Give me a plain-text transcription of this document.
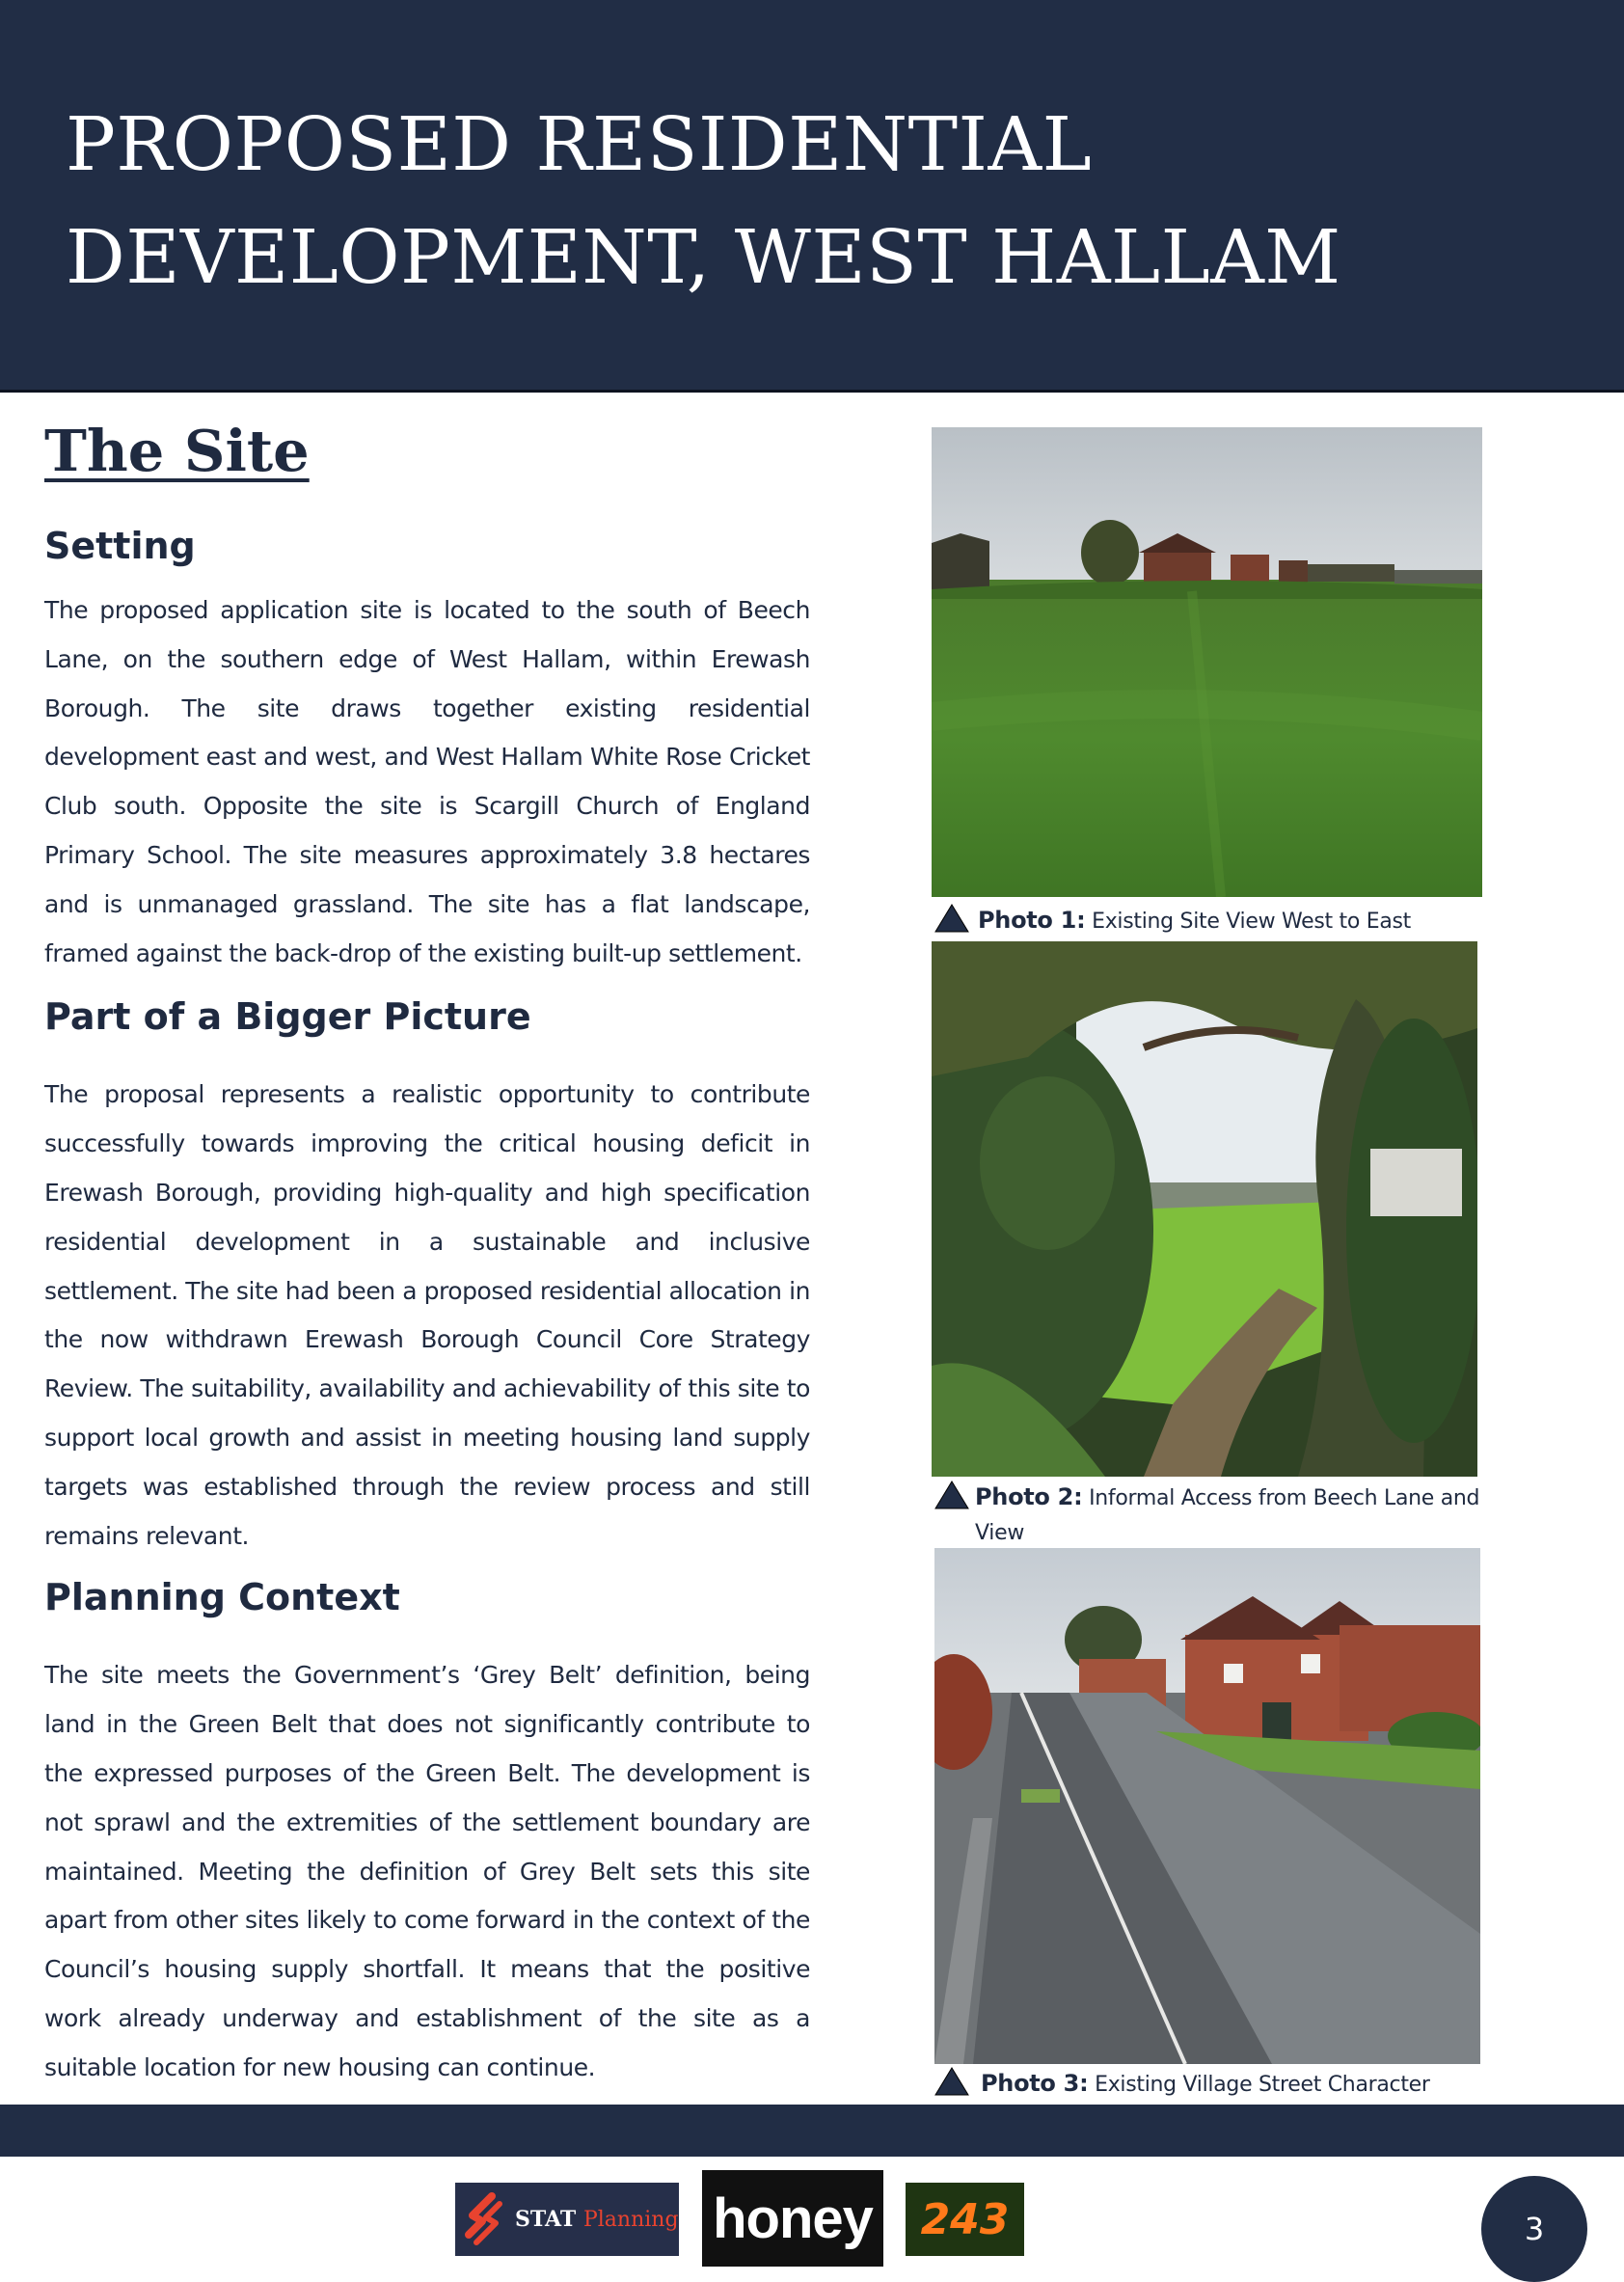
PROPOSED RESIDENTIAL
DEVELOPMENT, WEST HALLAM
The Site
Setting

The proposed application site is located to the south of Beech Lane, on the southern edge of West Hallam, within Erewash Borough. The site draws together existing residential development east and west, and West Hallam White Rose Cricket Club south. Opposite the site is Scargill Church of England Primary School. The site measures approximately 3.8 hectares and is unmanaged grassland. The site has a flat landscape, framed against the back-drop of the existing built-up settlement.

Part of a Bigger Picture

The proposal represents a realistic opportunity to contribute successfully towards improving the critical housing deficit in Erewash Borough, providing high-quality and high specification residential development in a sustainable and inclusive settlement. The site had been a proposed residential allocation in the now withdrawn Erewash Borough Council Core Strategy Review. The suitability, availability and achievability of this site to support local growth and assist in meeting housing land supply targets was established through the review process and still remains relevant.

Planning Context

The site meets the Government’s ‘Grey Belt’ definition, being land in the Green Belt that does not significantly contribute to the expressed purposes of the Green Belt. The development is not sprawl and the extremities of the settlement boundary are maintained. Meeting the definition of Grey Belt sets this site apart from other sites likely to come forward in the context of the Council’s housing supply shortfall. It means that the positive work already underway and establishment of the site as a suitable location for new housing can continue.

Photo 1: Existing Site View West to East
Photo 2: Informal Access from Beech Lane and View

Photo 3: Existing Village Street Character
STAT Planning honey	243	3
